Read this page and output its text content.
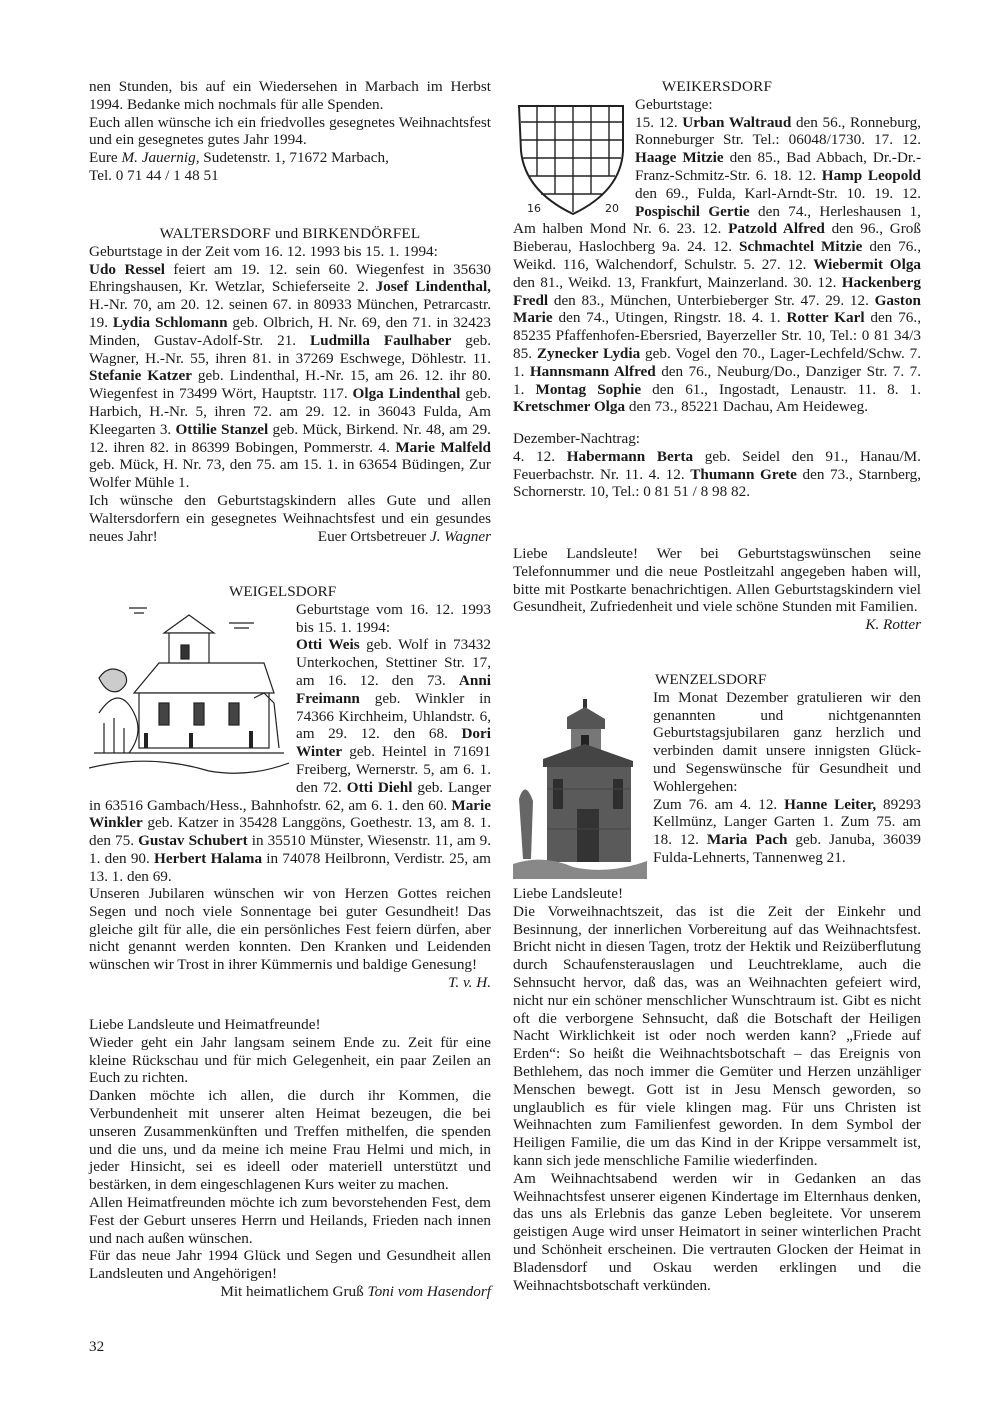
nen Stunden, bis auf ein Wiedersehen in Marbach im Herbst 1994. Bedanke mich nochmals für alle Spenden.

Euch allen wünsche ich ein friedvolles gesegnetes Weihnachtsfest und ein gesegnetes gutes Jahr 1994.

Eure M. Jauernig, Sudetenstr. 1, 71672 Marbach,

Tel. 0 71 44 / 1 48 51

WALTERSDORF und BIRKENDÖRFEL

Geburtstage in der Zeit vom 16. 12. 1993 bis 15. 1. 1994:

Udo Ressel feiert am 19. 12. sein 60. Wiegenfest in 35630 Ehringshausen, Kr. Wetzlar, Schieferseite 2. Josef Lindenthal, H.-Nr. 70, am 20. 12. seinen 67. in 80933 München, Petrarcastr. 19. Lydia Schlomann geb. Olbrich, H. Nr. 69, den 71. in 32423 Minden, Gustav-Adolf-Str. 21. Ludmilla Faulhaber geb. Wagner, H.-Nr. 55, ihren 81. in 37269 Eschwege, Döhlestr. 11. Stefanie Katzer geb. Lindenthal, H.-Nr. 15, am 26. 12. ihr 80. Wiegenfest in 73499 Wört, Hauptstr. 117. Olga Lindenthal geb. Harbich, H.-Nr. 5, ihren 72. am 29. 12. in 36043 Fulda, Am Kleegarten 3. Ottilie Stanzel geb. Mück, Birkend. Nr. 48, am 29. 12. ihren 82. in 86399 Bobingen, Pommerstr. 4. Marie Malfeld geb. Mück, H. Nr. 73, den 75. am 15. 1. in 63654 Büdingen, Zur Wolfer Mühle 1.

Ich wünsche den Geburtstagskindern alles Gute und allen Waltersdorfern ein gesegnetes Weihnachtsfest und ein gesundes neues Jahr!	Euer Ortsbetreuer J. Wagner

WEIGELSDORF

Geburtstage vom 16. 12. 1993 bis 15. 1. 1994:

Otti Weis geb. Wolf in 73432 Unterkochen, Stettiner Str. 17, am 16. 12. den 73. Anni Freimann geb. Winkler in 74366 Kirchheim, Uhlandstr. 6, am 29. 12. den 68. Dori Winter geb. Heintel in 71691 Freiberg, Wernerstr. 5, am 6. 1. den 72. Otti Diehl geb. Langer in 63516 Gambach/Hess., Bahnhofstr. 62, am 6. 1. den 60. Marie Winkler geb. Katzer in 35428 Langgöns, Goethestr. 13, am 8. 1. den 75. Gustav Schubert in 35510 Münster, Wiesenstr. 11, am 9. 1. den 90. Herbert Halama in 74078 Heilbronn, Verdistr. 25, am 13. 1. den 69.

Unseren Jubilaren wünschen wir von Herzen Gottes reichen Segen und noch viele Sonnentage bei guter Gesundheit! Das gleiche gilt für alle, die ein persönliches Fest feiern dürfen, aber nicht genannt werden konnten. Den Kranken und Leidenden wünschen wir Trost in ihrer Kümmernis und baldige Genesung!

T. v. H.

Liebe Landsleute und Heimatfreunde!

Wieder geht ein Jahr langsam seinem Ende zu. Zeit für eine kleine Rückschau und für mich Gelegenheit, ein paar Zeilen an Euch zu richten.

Danken möchte ich allen, die durch ihr Kommen, die Verbundenheit mit unserer alten Heimat bezeugen, die bei unseren Zusammenkünften und Treffen mithelfen, die spenden und die uns, und da meine ich meine Frau Helmi und mich, in jeder Hinsicht, sei es ideell oder materiell unterstützt und bestärken, in dem eingeschlagenen Kurs weiter zu machen.

Allen Heimatfreunden möchte ich zum bevorstehenden Fest, dem Fest der Geburt unseres Herrn und Heilands, Frieden nach innen und nach außen wünschen.

Für das neue Jahr 1994 Glück und Segen und Gesundheit allen Landsleuten und Angehörigen!

Mit heimatlichem Gruß Toni vom Hasendorf

WEIKERSDORF
16	20

Geburtstage:

15. 12. Urban Waltraud den 56., Ronneburg, Ronneburger Str. Tel.: 06048/1730. 17. 12. Haage Mitzie den 85., Bad Abbach, Dr.-Dr.-Franz-Schmitz-Str. 6. 18. 12. Hamp Leopold den 69., Fulda, Karl-Arndt-Str. 10. 19. 12. Pospischil Gertie den 74., Herleshausen 1, Am halben Mond Nr. 6. 23. 12. Patzold Alfred den 96., Groß Bieberau, Haslochberg 9a. 24. 12. Schmachtel Mitzie den 76., Weikd. 116, Walchendorf, Schulstr. 5. 27. 12. Wiebermit Olga den 81., Weikd. 13, Frankfurt, Mainzerland. 30. 12. Hackenberg Fredl den 83., München, Unterbieberger Str. 47. 29. 12. Gaston Marie den 74., Utingen, Ringstr. 18. 4. 1. Rotter Karl den 76., 85235 Pfaffenhofen-Ebersried, Bayerzeller Str. 10, Tel.: 0 81 34/3 85. Zynecker Lydia geb. Vogel den 70., Lager-Lechfeld/Schw. 7. 1. Hannsmann Alfred den 76., Neuburg/Do., Danziger Str. 7. 7. 1. Montag Sophie den 61., Ingostadt, Lenaustr. 11. 8. 1. Kretschmer Olga den 73., 85221 Dachau, Am Heideweg.

Dezember-Nachtrag:

4. 12. Habermann Berta geb. Seidel den 91., Hanau/M. Feuerbachstr. Nr. 11. 4. 12. Thumann Grete den 73., Starnberg, Schornerstr. 10, Tel.: 0 81 51 / 8 98 82.

Liebe Landsleute! Wer bei Geburtstagswünschen seine Telefonnummer und die neue Postleitzahl angegeben haben will, bitte mit Postkarte benachrichtigen. Allen Geburtstagskindern viel Gesundheit, Zufriedenheit und viele schöne Stunden mit Familien.

K. Rotter

WENZELSDORF

Im Monat Dezember gratulieren wir den genannten und nichtgenannten Geburtstagsjubilaren ganz herzlich und verbinden damit unsere innigsten Glück- und Segenswünsche für Gesundheit und Wohlergehen:

Zum 76. am 4. 12. Hanne Leiter, 89293 Kellmünz, Langer Garten 1. Zum 75. am 18. 12. Maria Pach geb. Januba, 36039 Fulda-Lehnerts, Tannenweg 21.

Liebe Landsleute!

Die Vorweihnachtszeit, das ist die Zeit der Einkehr und Besinnung, der innerlichen Vorbereitung auf das Weihnachtsfest. Bricht nicht in diesen Tagen, trotz der Hektik und Reizüberflutung durch Schaufensterauslagen und Leuchtreklame, auch die Sehnsucht hervor, daß das, was an Weihnachten gefeiert wird, nicht nur ein schöner menschlicher Wunschtraum ist. Gibt es nicht oft die verborgene Sehnsucht, daß die Botschaft der Heiligen Nacht Wirklichkeit ist oder noch werden kann? „Friede auf Erden“: So heißt die Weihnachtsbotschaft – das Ereignis von Bethlehem, das noch immer die Gemüter und Herzen unzähliger Menschen bewegt. Gott ist in Jesu Mensch geworden, so unglaublich es für viele klingen mag. Für uns Christen ist Weihnachten zum Familienfest geworden. In dem Symbol der Heiligen Familie, die um das Kind in der Krippe versammelt ist, kann sich jede menschliche Familie wiederfinden.

Am Weihnachtsabend werden wir in Gedanken an das Weihnachtsfest unserer eigenen Kindertage im Elternhaus denken, das uns als Erlebnis das ganze Leben begleitete. Vor unserem geistigen Auge wird unser Heimatort in seiner winterlichen Pracht und Schönheit erscheinen. Die vertrauten Glocken der Heimat in Bladensdorf und Oskau werden erklingen und die Weihnachtsbotschaft verkünden.

32
